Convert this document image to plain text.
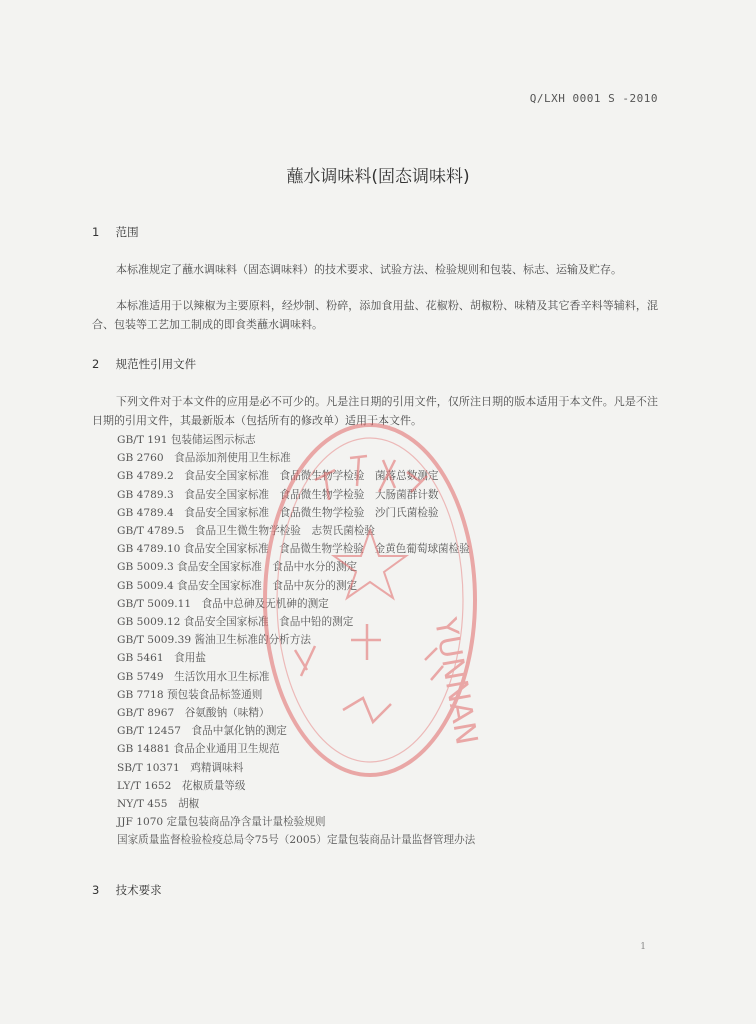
Q/LXH 0001 S -2010
蘸水调味料(固态调味料)
1 范围
本标准规定了蘸水调味料（固态调味料）的技术要求、试验方法、检验规则和包装、标志、运输及贮存。
本标准适用于以辣椒为主要原料，经炒制、粉碎，添加食用盐、花椒粉、胡椒粉、味精及其它香辛料等辅料，混合、包装等工艺加工制成的即食类蘸水调味料。
2 规范性引用文件
下列文件对于本文件的应用是必不可少的。凡是注日期的引用文件，仅所注日期的版本适用于本文件。凡是不注日期的引用文件，其最新版本（包括所有的修改单）适用于本文件。
GB/T 191 包装储运图示标志
GB 2760　食品添加剂使用卫生标准
GB 4789.2　食品安全国家标准　食品微生物学检验　菌落总数测定
GB 4789.3　食品安全国家标准　食品微生物学检验　大肠菌群计数
GB 4789.4　食品安全国家标准　食品微生物学检验　沙门氏菌检验
GB/T 4789.5　食品卫生微生物学检验　志贺氏菌检验
GB 4789.10 食品安全国家标准　食品微生物学检验　金黄色葡萄球菌检验
GB 5009.3 食品安全国家标准　食品中水分的测定
GB 5009.4 食品安全国家标准　食品中灰分的测定
GB/T 5009.11　食品中总砷及无机砷的测定
GB 5009.12 食品安全国家标准　食品中铅的测定
GB/T 5009.39 酱油卫生标准的分析方法
GB 5461　食用盐
GB 5749　生活饮用水卫生标准
GB 7718 预包装食品标签通则
GB/T 8967　谷氨酸钠（味精）
GB/T 12457　食品中氯化钠的测定
GB 14881 食品企业通用卫生规范
SB/T 10371　鸡精调味料
LY/T 1652　花椒质量等级
NY/T 455　胡椒
JJF 1070 定量包装商品净含量计量检验规则
国家质量监督检验检疫总局令75号（2005）定量包装商品计量监督管理办法
3 技术要求
1
YUNNAN
